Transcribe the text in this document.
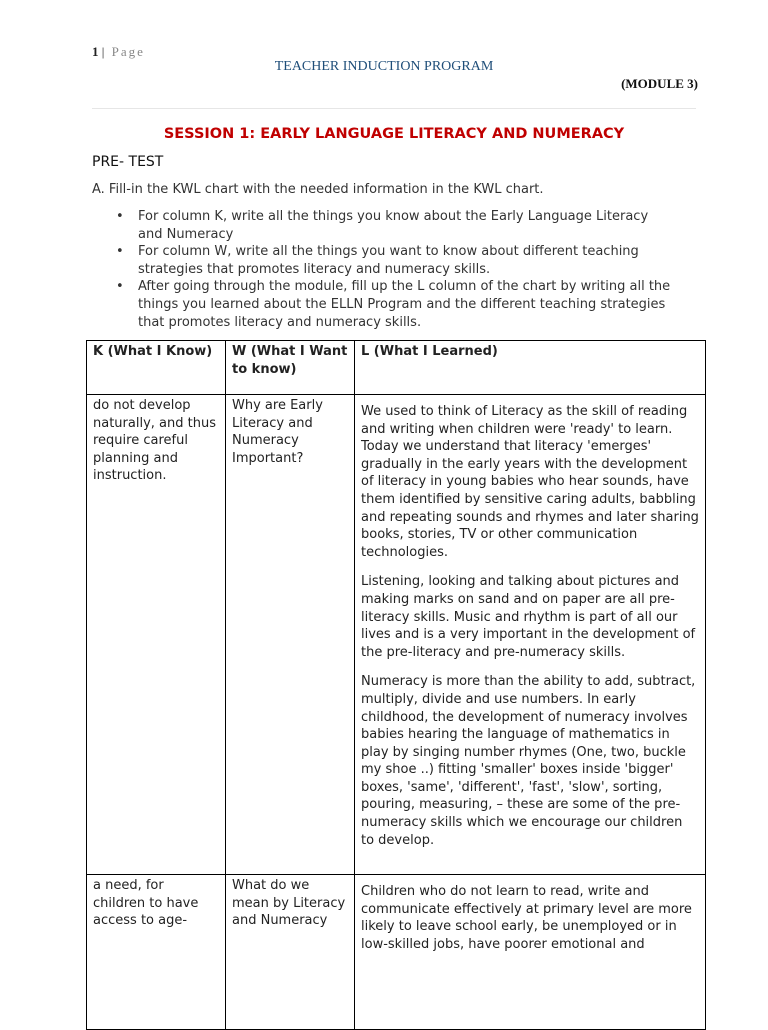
1 | Page
TEACHER INDUCTION PROGRAM
(MODULE 3)
SESSION 1: EARLY LANGUAGE LITERACY AND NUMERACY
PRE- TEST
A. Fill-in the KWL chart with the needed information in the KWL chart.
• For column K, write all the things you know about the Early Language Literacy and Numeracy
• For column W, write all the things you want to know about different teaching strategies that promotes literacy and numeracy skills.
• After going through the module, fill up the L column of the chart by writing all the things you learned about the ELLN Program and the different teaching strategies that promotes literacy and numeracy skills.
K (What I Know)	W (What I Want to know)	L (What I Learned)
do not develop naturally, and thus require careful planning and instruction.	Why are Early Literacy and Numeracy Important?	We used to think of Literacy as the skill of reading and writing when children were 'ready' to learn. Today we understand that literacy 'emerges' gradually in the early years with the development of literacy in young babies who hear sounds, have them identified by sensitive caring adults, babbling and repeating sounds and rhymes and later sharing books, stories, TV or other communication technologies.

Listening, looking and talking about pictures and making marks on sand and on paper are all pre-literacy skills. Music and rhythm is part of all our lives and is a very important in the development of the pre-literacy and pre-numeracy skills.

Numeracy is more than the ability to add, subtract, multiply, divide and use numbers. In early childhood, the development of numeracy involves babies hearing the language of mathematics in play by singing number rhymes (One, two, buckle my shoe ..) fitting 'smaller' boxes inside 'bigger' boxes, 'same', 'different', 'fast', 'slow', sorting, pouring, measuring, – these are some of the pre-numeracy skills which we encourage our children to develop.

a need, for children to have access to age-	What do we mean by Literacy and Numeracy	Children who do not learn to read, write and communicate effectively at primary level are more likely to leave school early, be unemployed or in low-skilled jobs, have poorer emotional and
